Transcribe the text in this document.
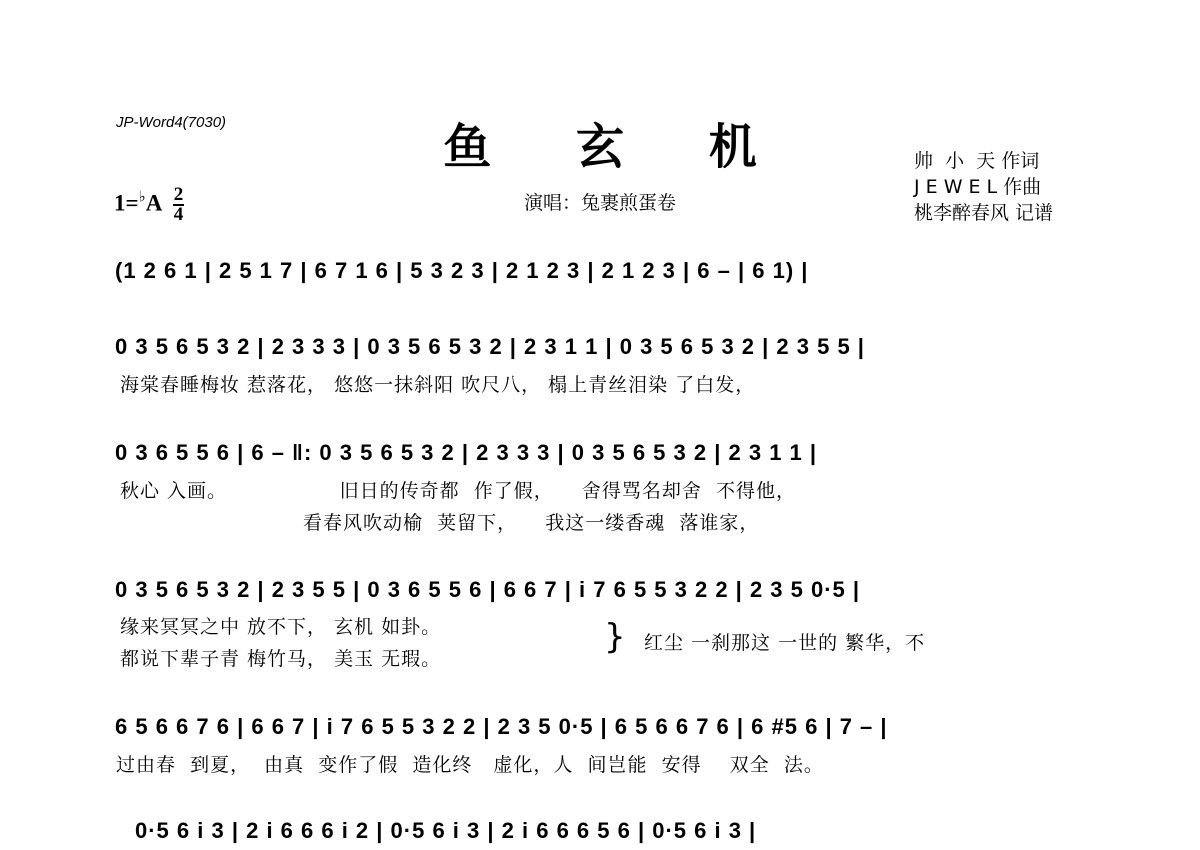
JP-Word4(7030)	鱼 玄 机
演唱：兔裹煎蛋卷
帅  小  天 作词
J E W E L 作曲
桃李醉春风 记谱
$1=^♭A \frac{2}{4}$
(1 2 6 1 | 2 5 1 7 | 6 7 1 6 | 5 3 2 3 | 2 1 2 3 | 2 1 2 3 | 6 – | 6 1) |
0 3 5 6 5 3 2 | 2 3 3 3 | 0 3 5 6 5 3 2 | 2 3 1 1 | 0 3 5 6 5 3 2 | 2 3 5 5 |
海棠春睡梅妆 惹落花， 悠悠一抹斜阳 吹尺八， 榻上青丝泪染 了白发，
0 3 6 5 5 6 | 6 – ‖: 0 3 5 6 5 3 2 | 2 3 3 3 | 0 3 5 6 5 3 2 | 2 3 1 1 |
秋心 入画。                旧日的传奇都  作了假，    舍得骂名却舍  不得他，
看春风吹动榆  荚留下，    我这一缕香魂  落谁家，
0 3 5 6 5 3 2 | 2 3 5 5 | 0 3 6 5 5 6 | 6 6 7 | i 7 6 5 5 3 2 2 | 2 3 5 0·5 |
缘来冥冥之中 放不下， 玄机 如卦。
都说下辈子青 梅竹马， 美玉 无瑕。
} 红尘 一刹那这 一世的 繁华，不
6 5 6 6 7 6 | 6 6 7 | i 7 6 5 5 3 2 2 | 2 3 5 0·5 | 6 5 6 6 7 6 | 6 #5 6 | 7 – |
过由春  到夏，  由真  变作了假  造化终   虚化，人  间岂能  安得    双全  法。
0·5 6 i 3 | 2 i 6 6 6 i 2 | 0·5 6 i 3 | 2 i 6 6 6 5 6 | 0·5 6 i 3 |
